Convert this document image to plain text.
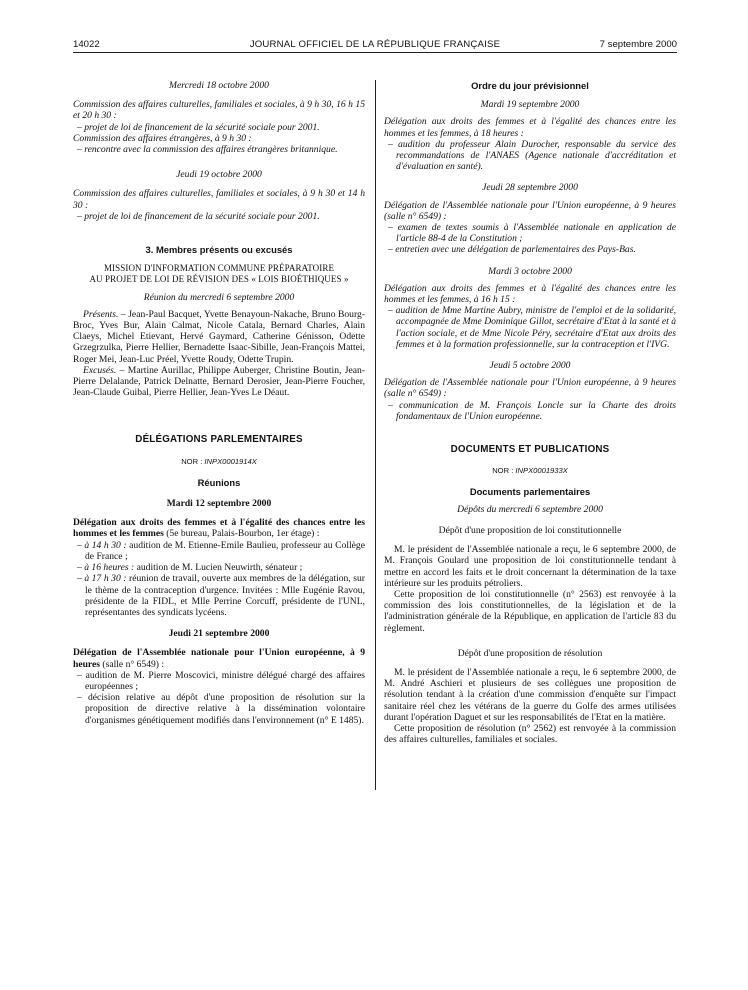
14022	JOURNAL OFFICIEL DE LA RÉPUBLIQUE FRANÇAISE	7 septembre 2000

Mercredi 18 octobre 2000

Commission des affaires culturelles, familiales et sociales, à 9 h 30, 16 h 15 et 20 h 30 :

– projet de loi de financement de la sécurité sociale pour 2001.

Commission des affaires étrangères, à 9 h 30 :

– rencontre avec la commission des affaires étrangères britannique.

Jeudi 19 octobre 2000

Commission des affaires culturelles, familiales et sociales, à 9 h 30 et 14 h 30 :

– projet de loi de financement de la sécurité sociale pour 2001.

3. Membres présents ou excusés

MISSION D'INFORMATION COMMUNE PRÉPARATOIRE

AU PROJET DE LOI DE RÉVISION DES « LOIS BIOÉTHIQUES »

Réunion du mercredi 6 septembre 2000

Présents. – Jean-Paul Bacquet, Yvette Benayoun-Nakache, Bruno Bourg-Broc, Yves Bur, Alain Calmat, Nicole Catala, Bernard Charles, Alain Claeys, Michel Etievant, Hervé Gaymard, Catherine Génisson, Odette Grzegrzulka, Pierre Hellier, Bernadette Isaac-Sibille, Jean-François Mattei, Roger Mei, Jean-Luc Préel, Yvette Roudy, Odette Trupin.

Excusés. – Martine Aurillac, Philippe Auberger, Christine Boutin, Jean-Pierre Delalande, Patrick Delnatte, Bernard Derosier, Jean-Pierre Foucher, Jean-Claude Guibal, Pierre Hellier, Jean-Yves Le Déaut.

DÉLÉGATIONS PARLEMENTAIRES

NOR : INPX0001914X

Réunions

Mardi 12 septembre 2000

Délégation aux droits des femmes et à l'égalité des chances entre les hommes et les femmes (5e bureau, Palais-Bourbon, 1er étage) :

– à 14 h 30 : audition de M. Etienne-Emile Baulieu, professeur au Collège de France ;

– à 16 heures : audition de M. Lucien Neuwirth, sénateur ;

– à 17 h 30 : réunion de travail, ouverte aux membres de la délégation, sur le thème de la contraception d'urgence. Invitées : Mlle Eugénie Ravou, présidente de la FIDL, et Mlle Perrine Corcuff, présidente de l'UNL, représentantes des syndicats lycéens.

Jeudi 21 septembre 2000

Délégation de l'Assemblée nationale pour l'Union européenne, à 9 heures (salle n° 6549) :

– audition de M. Pierre Moscovici, ministre délégué chargé des affaires européennes ;

– décision relative au dépôt d'une proposition de résolution sur la proposition de directive relative à la dissémination volontaire d'organismes génétiquement modifiés dans l'environnement (n° E 1485).

Ordre du jour prévisionnel

Mardi 19 septembre 2000

Délégation aux droits des femmes et à l'égalité des chances entre les hommes et les femmes, à 18 heures :

– audition du professeur Alain Durocher, responsable du service des recommandations de l'ANAES (Agence nationale d'accréditation et d'évaluation en santé).

Jeudi 28 septembre 2000

Délégation de l'Assemblée nationale pour l'Union européenne, à 9 heures (salle n° 6549) :

– examen de textes soumis à l'Assemblée nationale en application de l'article 88-4 de la Constitution ;

– entretien avec une délégation de parlementaires des Pays-Bas.

Mardi 3 octobre 2000

Délégation aux droits des femmes et à l'égalité des chances entre les hommes et les femmes, à 16 h 15 :

– audition de Mme Martine Aubry, ministre de l'emploi et de la solidarité, accompagnée de Mme Dominique Gillot, secrétaire d'Etat à la santé et à l'action sociale, et de Mme Nicole Péry, secrétaire d'Etat aux droits des femmes et à la formation professionnelle, sur la contraception et l'IVG.

Jeudi 5 octobre 2000

Délégation de l'Assemblée nationale pour l'Union européenne, à 9 heures (salle n° 6549) :

– communication de M. François Loncle sur la Charte des droits fondamentaux de l'Union européenne.

DOCUMENTS ET PUBLICATIONS

NOR : INPX0001933X

Documents parlementaires

Dépôts du mercredi 6 septembre 2000

Dépôt d'une proposition de loi constitutionnelle

M. le président de l'Assemblée nationale a reçu, le 6 septembre 2000, de M. François Goulard une proposition de loi constitutionnelle tendant à mettre en accord les faits et le droit concernant la détermination de la taxe intérieure sur les produits pétroliers.

Cette proposition de loi constitutionnelle (n° 2563) est renvoyée à la commission des lois constitutionnelles, de la législation et de la l'administration générale de la République, en application de l'article 83 du règlement.

Dépôt d'une proposition de résolution

M. le président de l'Assemblée nationale a reçu, le 6 septembre 2000, de M. André Aschieri et plusieurs de ses collègues une proposition de résolution tendant à la création d'une commission d'enquête sur l'impact sanitaire réel chez les vétérans de la guerre du Golfe des armes utilisées durant l'opération Daguet et sur les responsabilités de l'Etat en la matière.

Cette proposition de résolution (n° 2562) est renvoyée à la commission des affaires culturelles, familiales et sociales.
